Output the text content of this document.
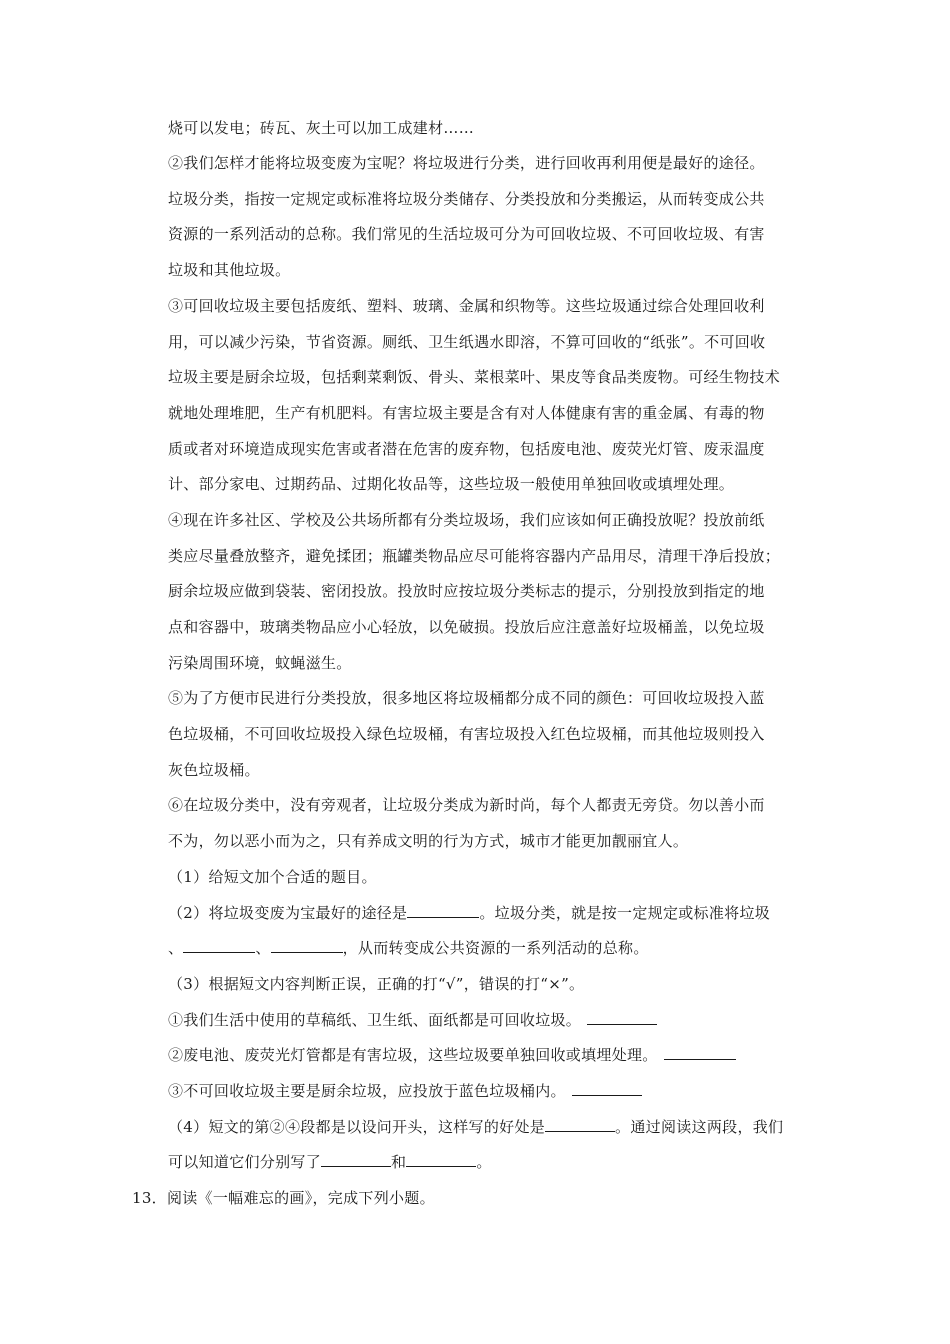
烧可以发电；砖瓦、灰土可以加工成建材……
②我们怎样才能将垃圾变废为宝呢？将垃圾进行分类，进行回收再利用便是最好的途径。
垃圾分类，指按一定规定或标准将垃圾分类储存、分类投放和分类搬运，从而转变成公共
资源的一系列活动的总称。我们常见的生活垃圾可分为可回收垃圾、不可回收垃圾、有害
垃圾和其他垃圾。
③可回收垃圾主要包括废纸、塑料、玻璃、金属和织物等。这些垃圾通过综合处理回收利
用，可以减少污染，节省资源。厕纸、卫生纸遇水即溶，不算可回收的“纸张”。不可回收
垃圾主要是厨余垃圾，包括剩菜剩饭、骨头、菜根菜叶、果皮等食品类废物。可经生物技术
就地处理堆肥，生产有机肥料。有害垃圾主要是含有对人体健康有害的重金属、有毒的物
质或者对环境造成现实危害或者潜在危害的废弃物，包括废电池、废荧光灯管、废汞温度
计、部分家电、过期药品、过期化妆品等，这些垃圾一般使用单独回收或填埋处理。
④现在许多社区、学校及公共场所都有分类垃圾场，我们应该如何正确投放呢？投放前纸
类应尽量叠放整齐，避免揉团；瓶罐类物品应尽可能将容器内产品用尽，清理干净后投放；
厨余垃圾应做到袋装、密闭投放。投放时应按垃圾分类标志的提示，分别投放到指定的地
点和容器中，玻璃类物品应小心轻放，以免破损。投放后应注意盖好垃圾桶盖，以免垃圾
污染周围环境，蚊蝇滋生。
⑤为了方便市民进行分类投放，很多地区将垃圾桶都分成不同的颜色：可回收垃圾投入蓝
色垃圾桶，不可回收垃圾投入绿色垃圾桶，有害垃圾投入红色垃圾桶，而其他垃圾则投入
灰色垃圾桶。
⑥在垃圾分类中，没有旁观者，让垃圾分类成为新时尚，每个人都责无旁贷。勿以善小而
不为，勿以恶小而为之，只有养成文明的行为方式，城市才能更加靓丽宜人。
（1）给短文加个合适的题目。
（2）将垃圾变废为宝最好的途径是	。垃圾分类，就是按一定规定或标准将垃圾
、	、	，从而转变成公共资源的一系列活动的总称。
（3）根据短文内容判断正误，正确的打“√”，错误的打“×”。
①我们生活中使用的草稿纸、卫生纸、面纸都是可回收垃圾。
②废电池、废荧光灯管都是有害垃圾，这些垃圾要单独回收或填埋处理。
③不可回收垃圾主要是厨余垃圾，应投放于蓝色垃圾桶内。
（4）短文的第②④段都是以设问开头，这样写的好处是	。通过阅读这两段，我们
可以知道它们分别写了	和	。
13．阅读《一幅难忘的画》，完成下列小题。
